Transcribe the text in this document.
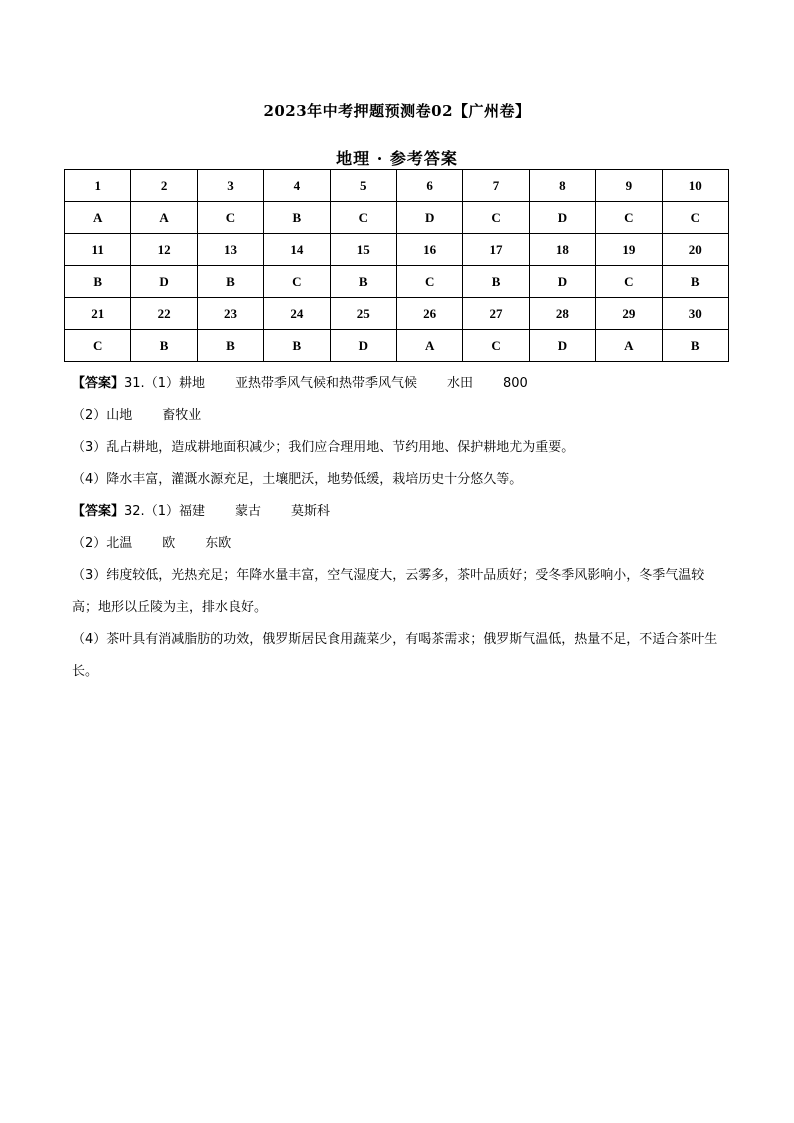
2023年中考押题预测卷02【广州卷】
地理 · 参考答案
1	2	3	4	5	6	7	8	9	10
A	A	C	B	C	D	C	D	C	C
11	12	13	14	15	16	17	18	19	20
B	D	B	C	B	C	B	D	C	B
21	22	23	24	25	26	27	28	29	30
C	B	B	B	D	A	C	D	A	B
【答案】31.（1）耕地 亚热带季风气候和热带季风气候 水田 800
（2）山地 畜牧业
（3）乱占耕地，造成耕地面积减少；我们应合理用地、节约用地、保护耕地尤为重要。
（4）降水丰富，灌溉水源充足，土壤肥沃，地势低缓，栽培历史十分悠久等。
【答案】32.（1）福建 蒙古 莫斯科
（2）北温 欧 东欧
（3）纬度较低，光热充足；年降水量丰富，空气湿度大，云雾多，茶叶品质好；受冬季风影响小，冬季气温较高；地形以丘陵为主，排水良好。
（4）茶叶具有消减脂肪的功效，俄罗斯居民食用蔬菜少，有喝茶需求；俄罗斯气温低，热量不足，不适合茶叶生长。
